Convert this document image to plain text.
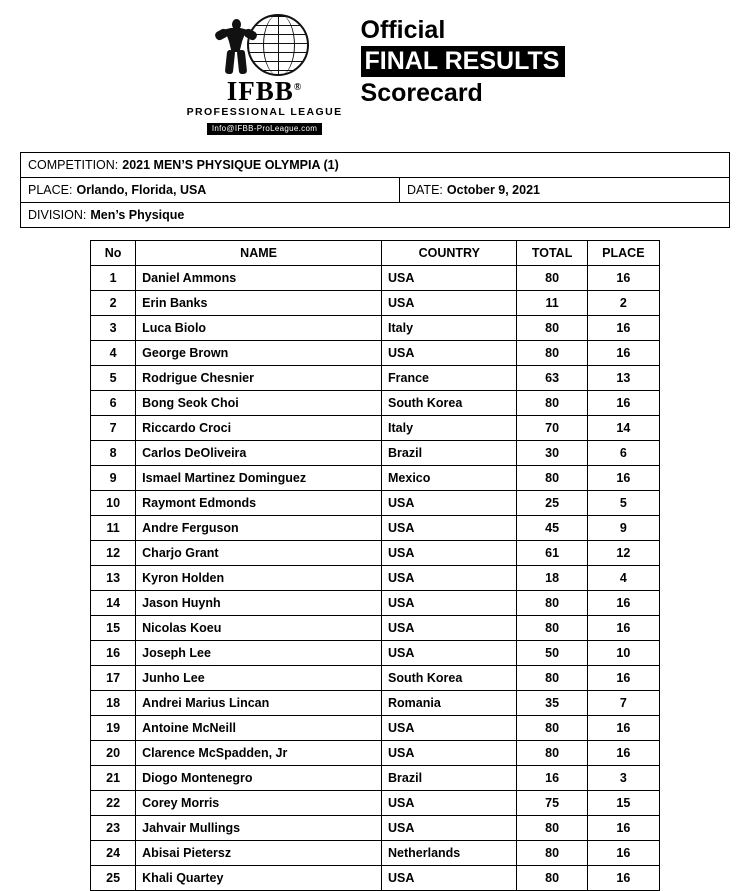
IFBB®
PROFESSIONAL LEAGUE
Info@IFBB-ProLeague.com
Official
FINAL RESULTS
Scorecard
COMPETITION: 2021 MEN’S PHYSIQUE OLYMPIA (1)
PLACE: Orlando, Florida, USA	DATE: October 9, 2021
DIVISION: Men’s Physique
No	NAME	COUNTRY	TOTAL	PLACE
1	Daniel Ammons	USA	80	16
2	Erin Banks	USA	11	2
3	Luca Biolo	Italy	80	16
4	George Brown	USA	80	16
5	Rodrigue Chesnier	France	63	13
6	Bong Seok Choi	South Korea	80	16
7	Riccardo Croci	Italy	70	14
8	Carlos DeOliveira	Brazil	30	6
9	Ismael Martinez Dominguez	Mexico	80	16
10	Raymont Edmonds	USA	25	5
11	Andre Ferguson	USA	45	9
12	Charjo Grant	USA	61	12
13	Kyron Holden	USA	18	4
14	Jason Huynh	USA	80	16
15	Nicolas Koeu	USA	80	16
16	Joseph Lee	USA	50	10
17	Junho Lee	South Korea	80	16
18	Andrei Marius Lincan	Romania	35	7
19	Antoine McNeill	USA	80	16
20	Clarence McSpadden, Jr	USA	80	16
21	Diogo Montenegro	Brazil	16	3
22	Corey Morris	USA	75	15
23	Jahvair Mullings	USA	80	16
24	Abisai Pietersz	Netherlands	80	16
25	Khali Quartey	USA	80	16
